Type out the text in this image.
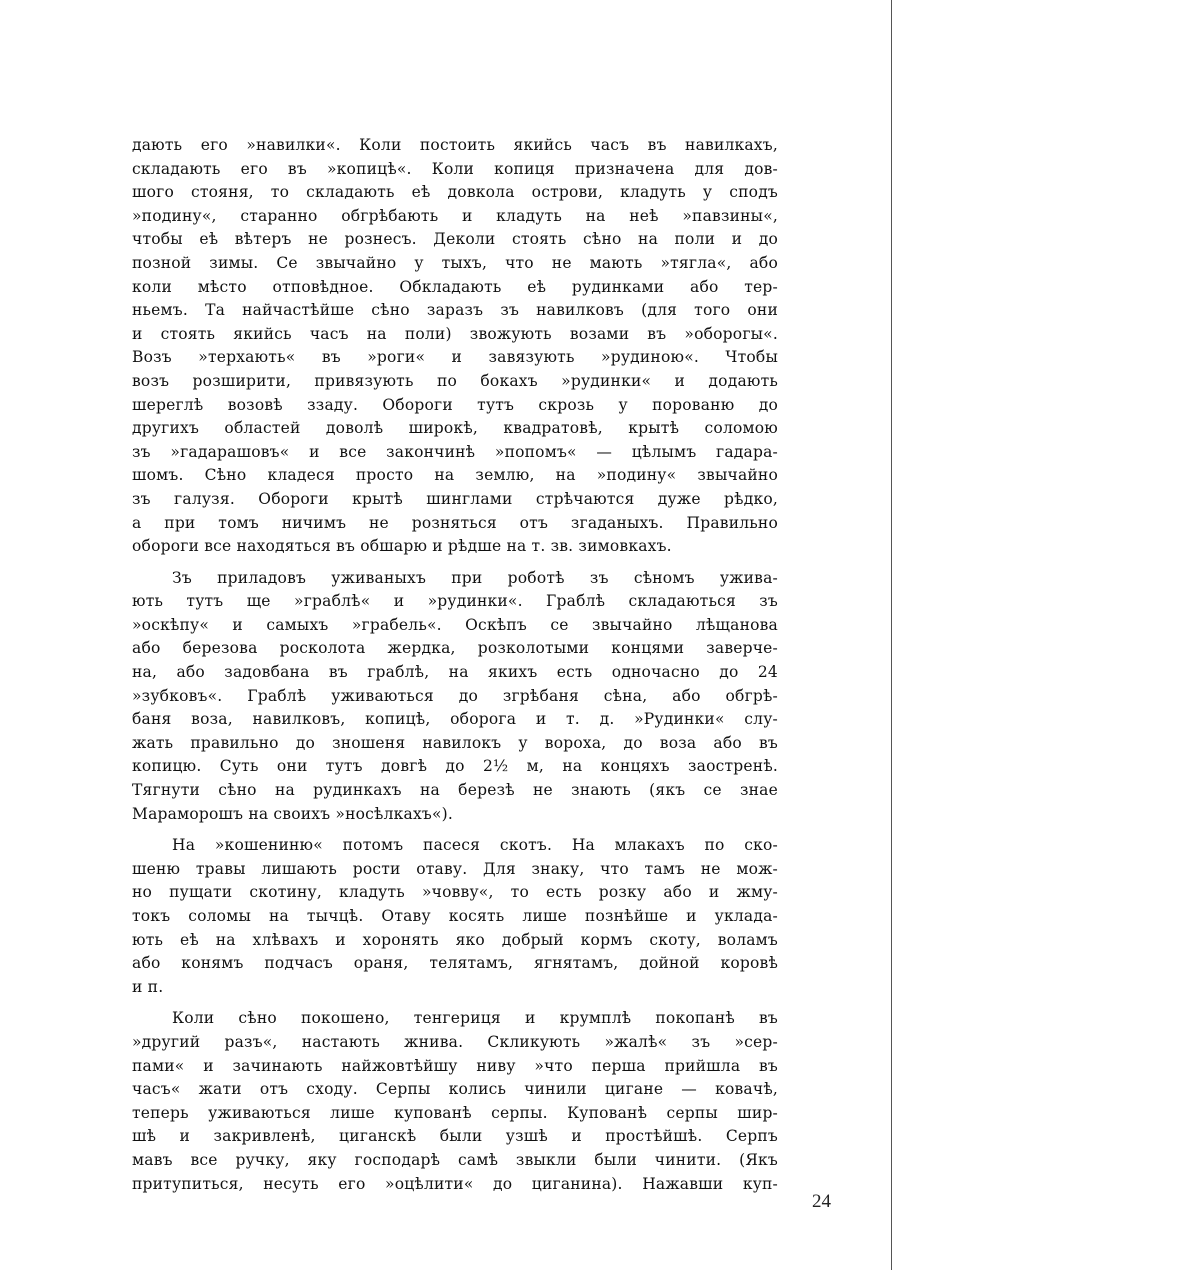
дають его »навилки«. Коли постоить якийсь часъ въ навилкахъ,
складають его въ »копицѣ«. Коли копиця призначена для дов-
шого стояня, то складають еѣ довкола острови, кладуть у сподъ
»подину«, старанно обгрѣбають и кладуть на неѣ »павзины«,
чтобы еѣ вѣтеръ не рознесъ. Деколи стоять сѣно на поли и до
позной зимы. Се звычайно у тыхъ, что не мають »тягла«, або
коли мѣсто отповѣдное. Обкладають еѣ рудинками або тер-
ньемъ. Та найчастѣйше сѣно заразъ зъ навилковъ (для того они
и стоять якийсь часъ на поли) звожують возами въ »оборогы«.
Возъ »терхають« въ »роги« и завязують »рудиною«. Чтобы
возъ розширити, привязують по бокахъ »рудинки« и додають
шереглѣ возовѣ ззаду. Обороги тутъ скрозь у порованю до
другихъ областей доволѣ широкѣ, квадратовѣ, крытѣ соломою
зъ »гадарашовъ« и все закончинѣ »попомъ« — цѣлымъ гадара-
шомъ. Сѣно кладеся просто на землю, на »подину« звычайно
зъ галузя. Обороги крытѣ шинглами стрѣчаются дуже рѣдко,
а при томъ ничимъ не розняться отъ згаданыхъ. Правильно
обороги все находяться въ обшарю и рѣдше на т. зв. зимовкахъ.
Зъ приладовъ уживаныхъ при роботѣ зъ сѣномъ ужива-
ють тутъ ще »граблѣ« и »рудинки«. Граблѣ складаються зъ
»оскѣпу« и самыхъ »грабель«. Оскѣпъ се звычайно лѣщанова
або березова роскoлoта жердка, розколотыми концями заверче-
на, або задовбана въ граблѣ, на якихъ есть одночасно до 24
»зубковъ«. Граблѣ уживаються до згрѣбаня сѣна, або обгрѣ-
баня воза, навилковъ, копицѣ, оборога и т. д. »Рудинки« слу-
жать правильно до зношеня навилокъ у вороха, до воза або въ
копицю. Суть они тутъ довгѣ до 2½ м, на концяхъ заостренѣ.
Тягнути сѣно на рудинкахъ на березѣ не знають (якъ се знае
Мараморошъ на своихъ »носѣлкахъ«).
На »кошениню« потомъ пасеся скотъ. На млакахъ по ско-
шеню травы лишають рости отаву. Для знаку, что тамъ не мож-
но пущати скотину, кладуть »човву«, то есть розку або и жму-
токъ соломы на тычцѣ. Отаву косять лише познѣйше и уклада-
ють еѣ на хлѣвахъ и хоронять яко добрый кормъ скоту, воламъ
або конямъ подчасъ ораня, телятамъ, ягнятамъ, дойной коровѣ
и п.
Коли сѣно покошено, тенгериця и крумплѣ покопанѣ въ
»другий разъ«, настають жнива. Скликують »жалѣ« зъ »сер-
пами« и зачинають найжовтѣйшу ниву »что перша прийшла въ
часъ« жати отъ сходу. Серпы колись чинили цигане — ковачѣ,
теперь уживаються лише купованѣ серпы. Купованѣ серпы шир-
шѣ и закривленѣ, циганскѣ были узшѣ и простѣйшѣ. Серпъ
мавъ все ручку, яку господарѣ самѣ звыкли были чинити. (Якъ
притупиться, несуть его »оцѣлити« до циганина). Нажавши куп-
24
